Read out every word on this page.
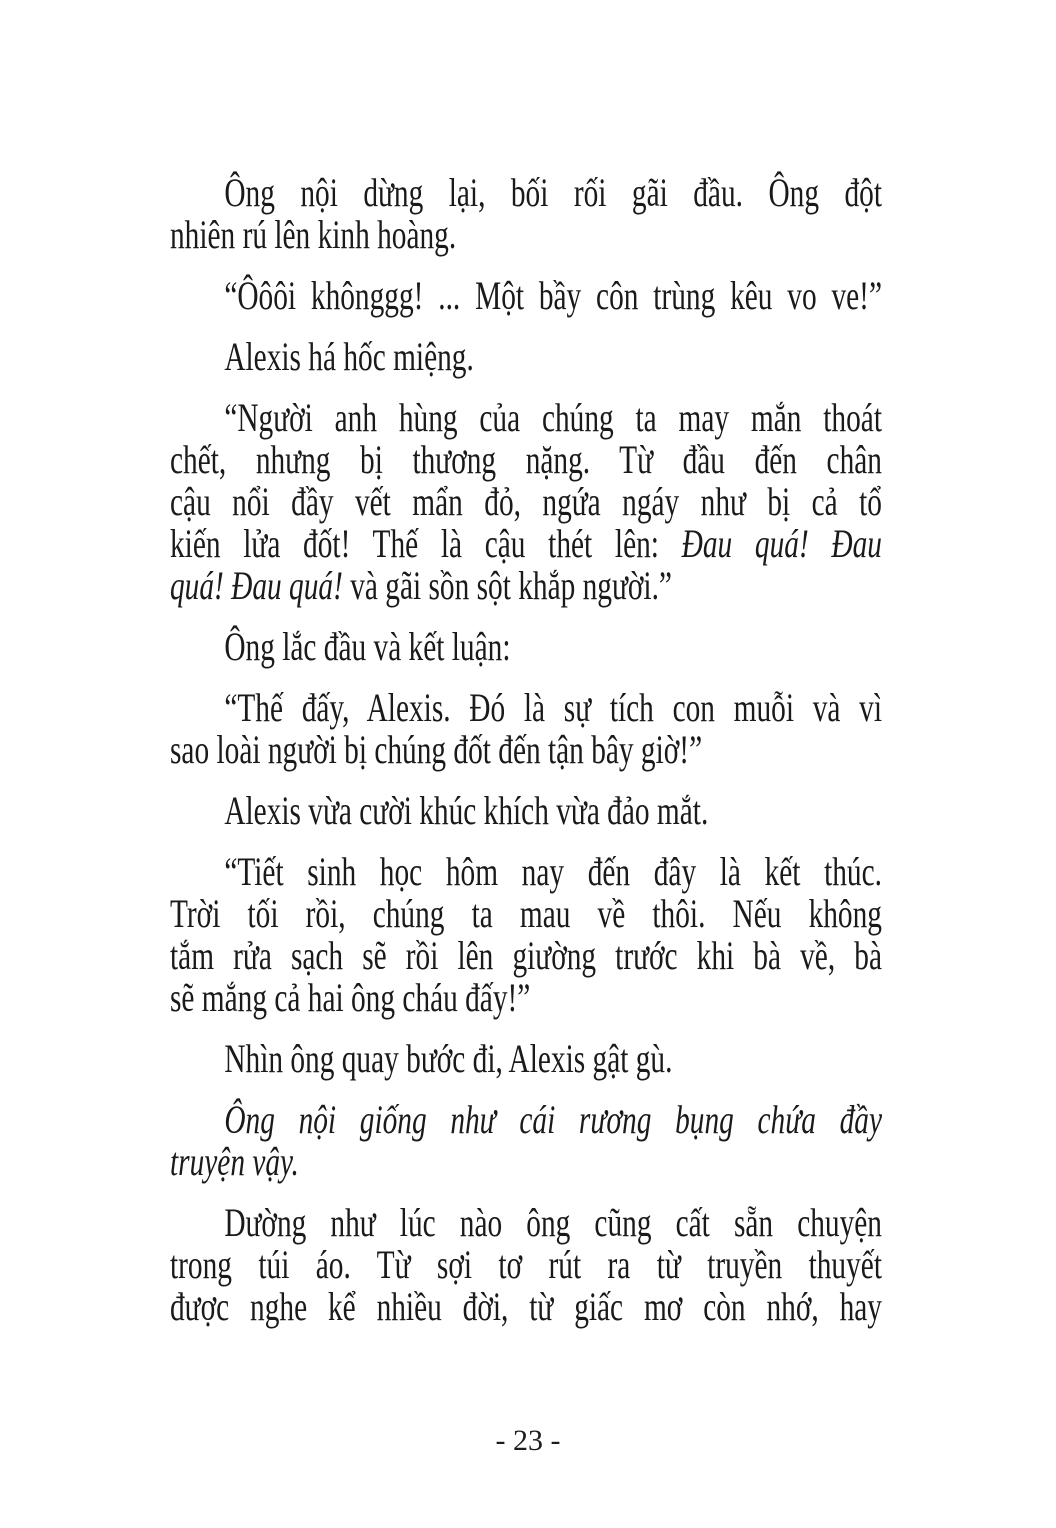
Ông nội dừng lại, bối rối gãi đầu. Ông đột
nhiên rú lên kinh hoàng.
“Ôôôi khônggg! ... Một bầy côn trùng kêu vo ve!”
Alexis há hốc miệng.
“Người anh hùng của chúng ta may mắn thoát
chết, nhưng bị thương nặng. Từ đầu đến chân
cậu nổi đầy vết mẩn đỏ, ngứa ngáy như bị cả tổ
kiến lửa đốt! Thế là cậu thét lên: Đau quá! Đau
quá! Đau quá! và gãi sồn sột khắp người.”
Ông lắc đầu và kết luận:
“Thế đấy, Alexis. Đó là sự tích con muỗi và vì
sao loài người bị chúng đốt đến tận bây giờ!”
Alexis vừa cười khúc khích vừa đảo mắt.
“Tiết sinh học hôm nay đến đây là kết thúc.
Trời tối rồi, chúng ta mau về thôi. Nếu không
tắm rửa sạch sẽ rồi lên giường trước khi bà về, bà
sẽ mắng cả hai ông cháu đấy!”
Nhìn ông quay bước đi, Alexis gật gù.
Ông nội giống như cái rương bụng chứa đầy
truyện vậy.
Dường như lúc nào ông cũng cất sẵn chuyện
trong túi áo. Từ sợi tơ rút ra từ truyền thuyết
được nghe kể nhiều đời, từ giấc mơ còn nhớ, hay
- 23 -
